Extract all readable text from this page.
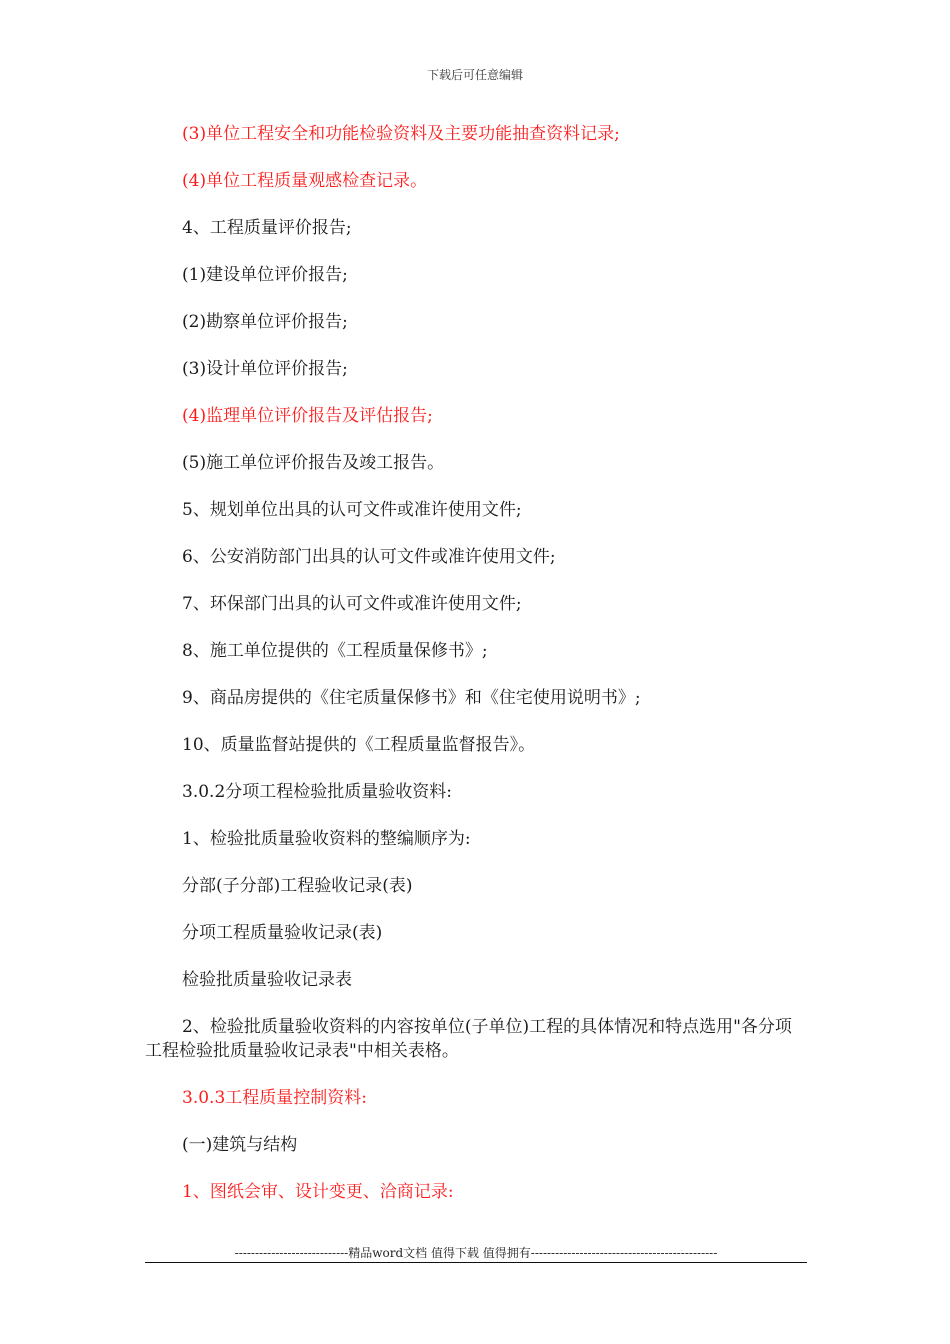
下载后可任意编辑
(3)单位工程安全和功能检验资料及主要功能抽查资料记录;
(4)单位工程质量观感检查记录。
4、工程质量评价报告;
(1)建设单位评价报告;
(2)勘察单位评价报告;
(3)设计单位评价报告;
(4)监理单位评价报告及评估报告;
(5)施工单位评价报告及竣工报告。
5、规划单位出具的认可文件或准许使用文件;
6、公安消防部门出具的认可文件或准许使用文件;
7、环保部门出具的认可文件或准许使用文件;
8、施工单位提供的《工程质量保修书》;
9、商品房提供的《住宅质量保修书》和《住宅使用说明书》;
10、质量监督站提供的《工程质量监督报告》。
3.0.2分项工程检验批质量验收资料:
1、检验批质量验收资料的整编顺序为:
分部(子分部)工程验收记录(表)
分项工程质量验收记录(表)
检验批质量验收记录表
2、检验批质量验收资料的内容按单位(子单位)工程的具体情况和特点选用"各分项工程检验批质量验收记录表"中相关表格。
3.0.3工程质量控制资料:
(一)建筑与结构
1、图纸会审、设计变更、洽商记录:
----------------------------精品word文档 值得下载 值得拥有----------------------------------------------
